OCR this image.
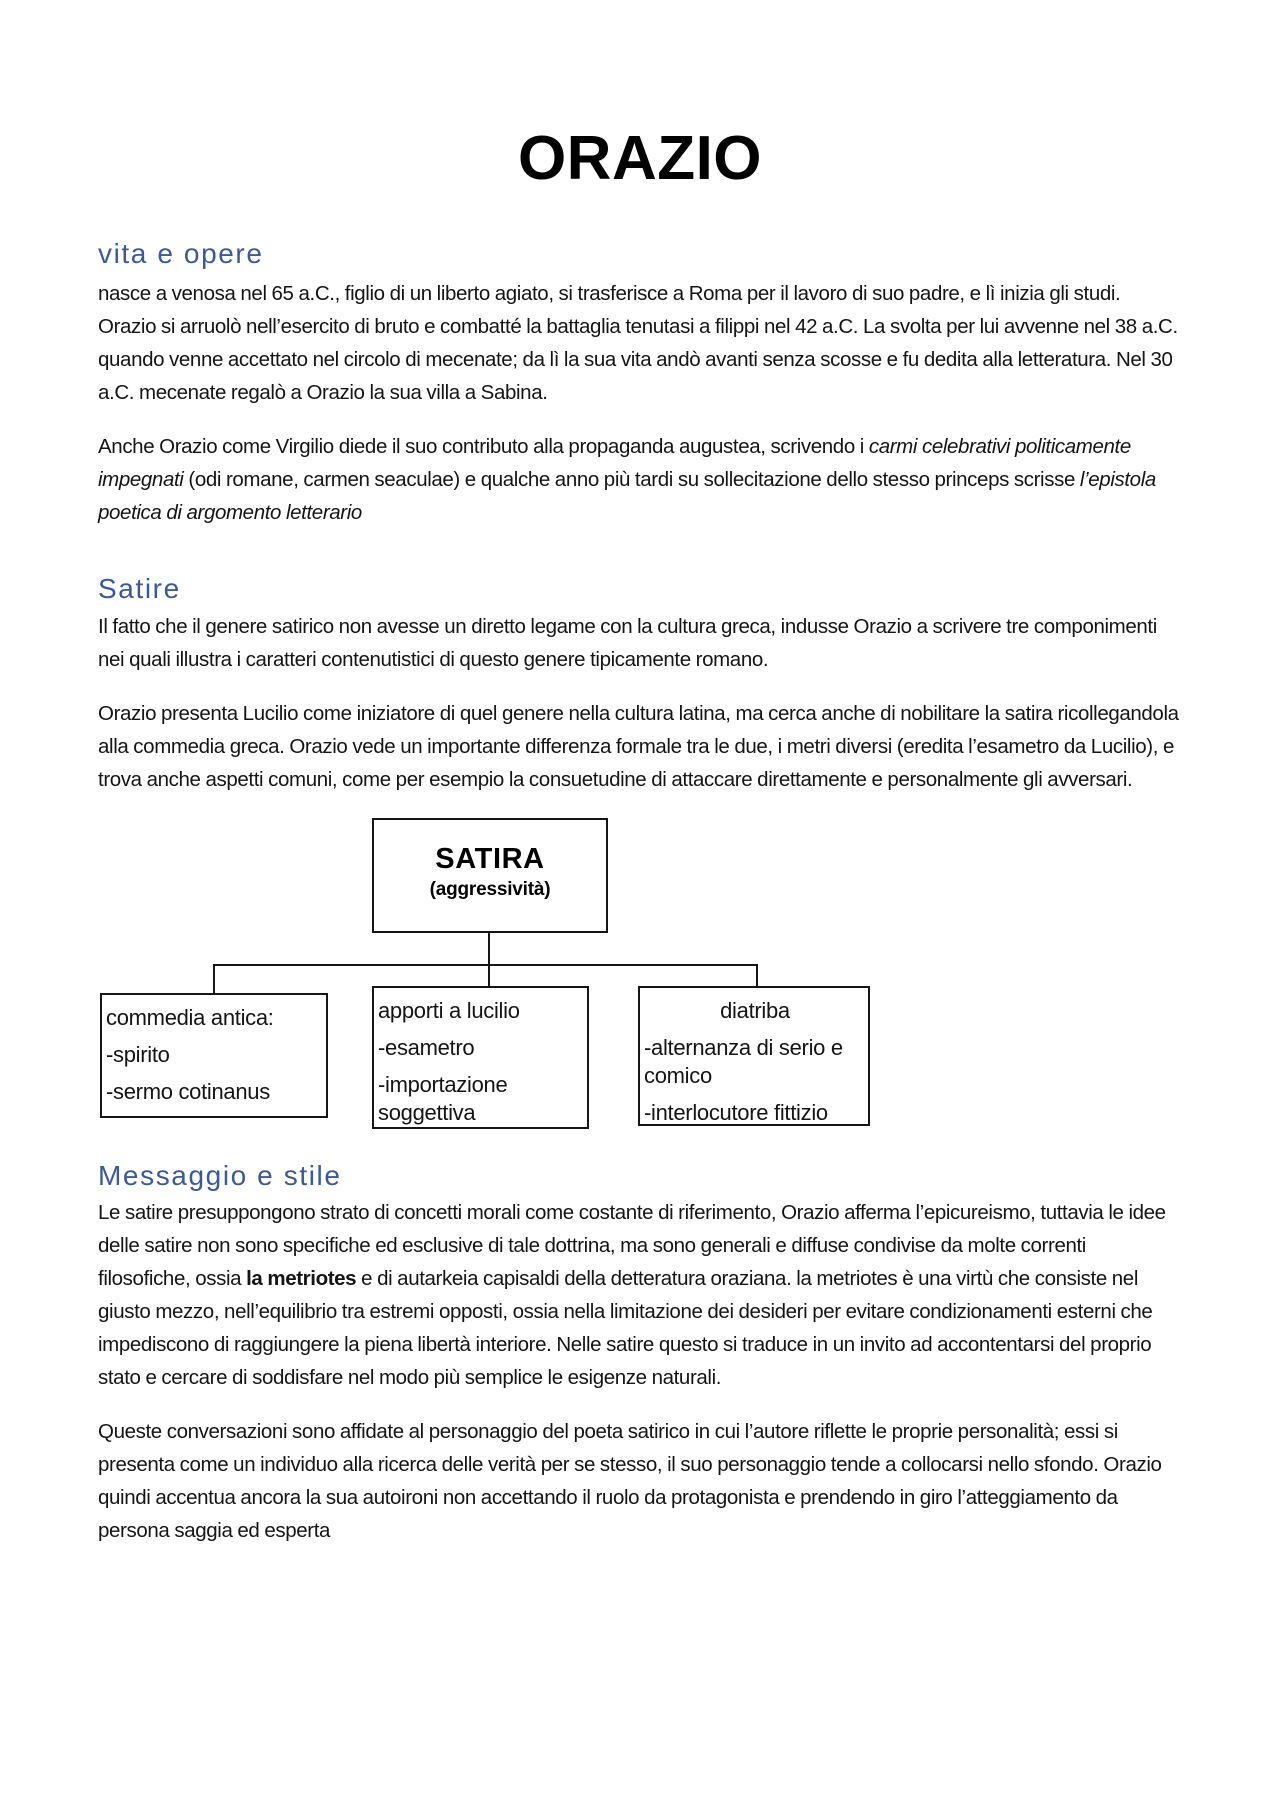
ORAZIO
vita e opere

nasce a venosa nel 65 a.C., figlio di un liberto agiato, si trasferisce a Roma per il lavoro di suo padre, e lì inizia gli studi. Orazio si arruolò nell’esercito di bruto e combatté la battaglia tenutasi a filippi nel 42 a.C. La svolta per lui avvenne nel 38 a.C. quando venne accettato nel circolo di mecenate; da lì la sua vita andò avanti senza scosse e fu dedita alla letteratura. Nel 30 a.C. mecenate regalò a Orazio la sua villa a Sabina.

Anche Orazio come Virgilio diede il suo contributo alla propaganda augustea, scrivendo i carmi celebrativi politicamente impegnati (odi romane, carmen seaculae) e qualche anno più tardi su sollecitazione dello stesso princeps scrisse l’epistola poetica di argomento letterario

Satire

Il fatto che il genere satirico non avesse un diretto legame con la cultura greca, indusse Orazio a scrivere tre componimenti nei quali illustra i caratteri contenutistici di questo genere tipicamente romano.

Orazio presenta Lucilio come iniziatore di quel genere nella cultura latina, ma cerca anche di nobilitare la satira ricollegandola alla commedia greca. Orazio vede un importante differenza formale tra le due, i metri diversi (eredita l’esametro da Lucilio), e trova anche aspetti comuni, come per esempio la consuetudine di attaccare direttamente e personalmente gli avversari.

SATIRA
(aggressività)

commedia antica:

-spirito

-sermo cotinanus

apporti a lucilio

-esametro

-importazione soggettiva

diatriba

-alternanza di serio e comico

-interlocutore fittizio

Messaggio e stile

Le satire presuppongono strato di concetti morali come costante di riferimento, Orazio afferma l’epicureismo, tuttavia le idee delle satire non sono specifiche ed esclusive di tale dottrina, ma sono generali e diffuse condivise da molte correnti filosofiche, ossia la metriotes e di autarkeia capisaldi della detteratura oraziana. la metriotes è una virtù che consiste nel giusto mezzo, nell’equilibrio tra estremi opposti, ossia nella limitazione dei desideri per evitare condizionamenti esterni che impediscono di raggiungere la piena libertà interiore. Nelle satire questo si traduce in un invito ad accontentarsi del proprio stato e cercare di soddisfare nel modo più semplice le esigenze naturali.

Queste conversazioni sono affidate al personaggio del poeta satirico in cui l’autore riflette le proprie personalità; essi si presenta come un individuo alla ricerca delle verità per se stesso, il suo personaggio tende a collocarsi nello sfondo. Orazio quindi accentua ancora la sua autoironi non accettando il ruolo da protagonista e prendendo in giro l’atteggiamento da persona saggia ed esperta
